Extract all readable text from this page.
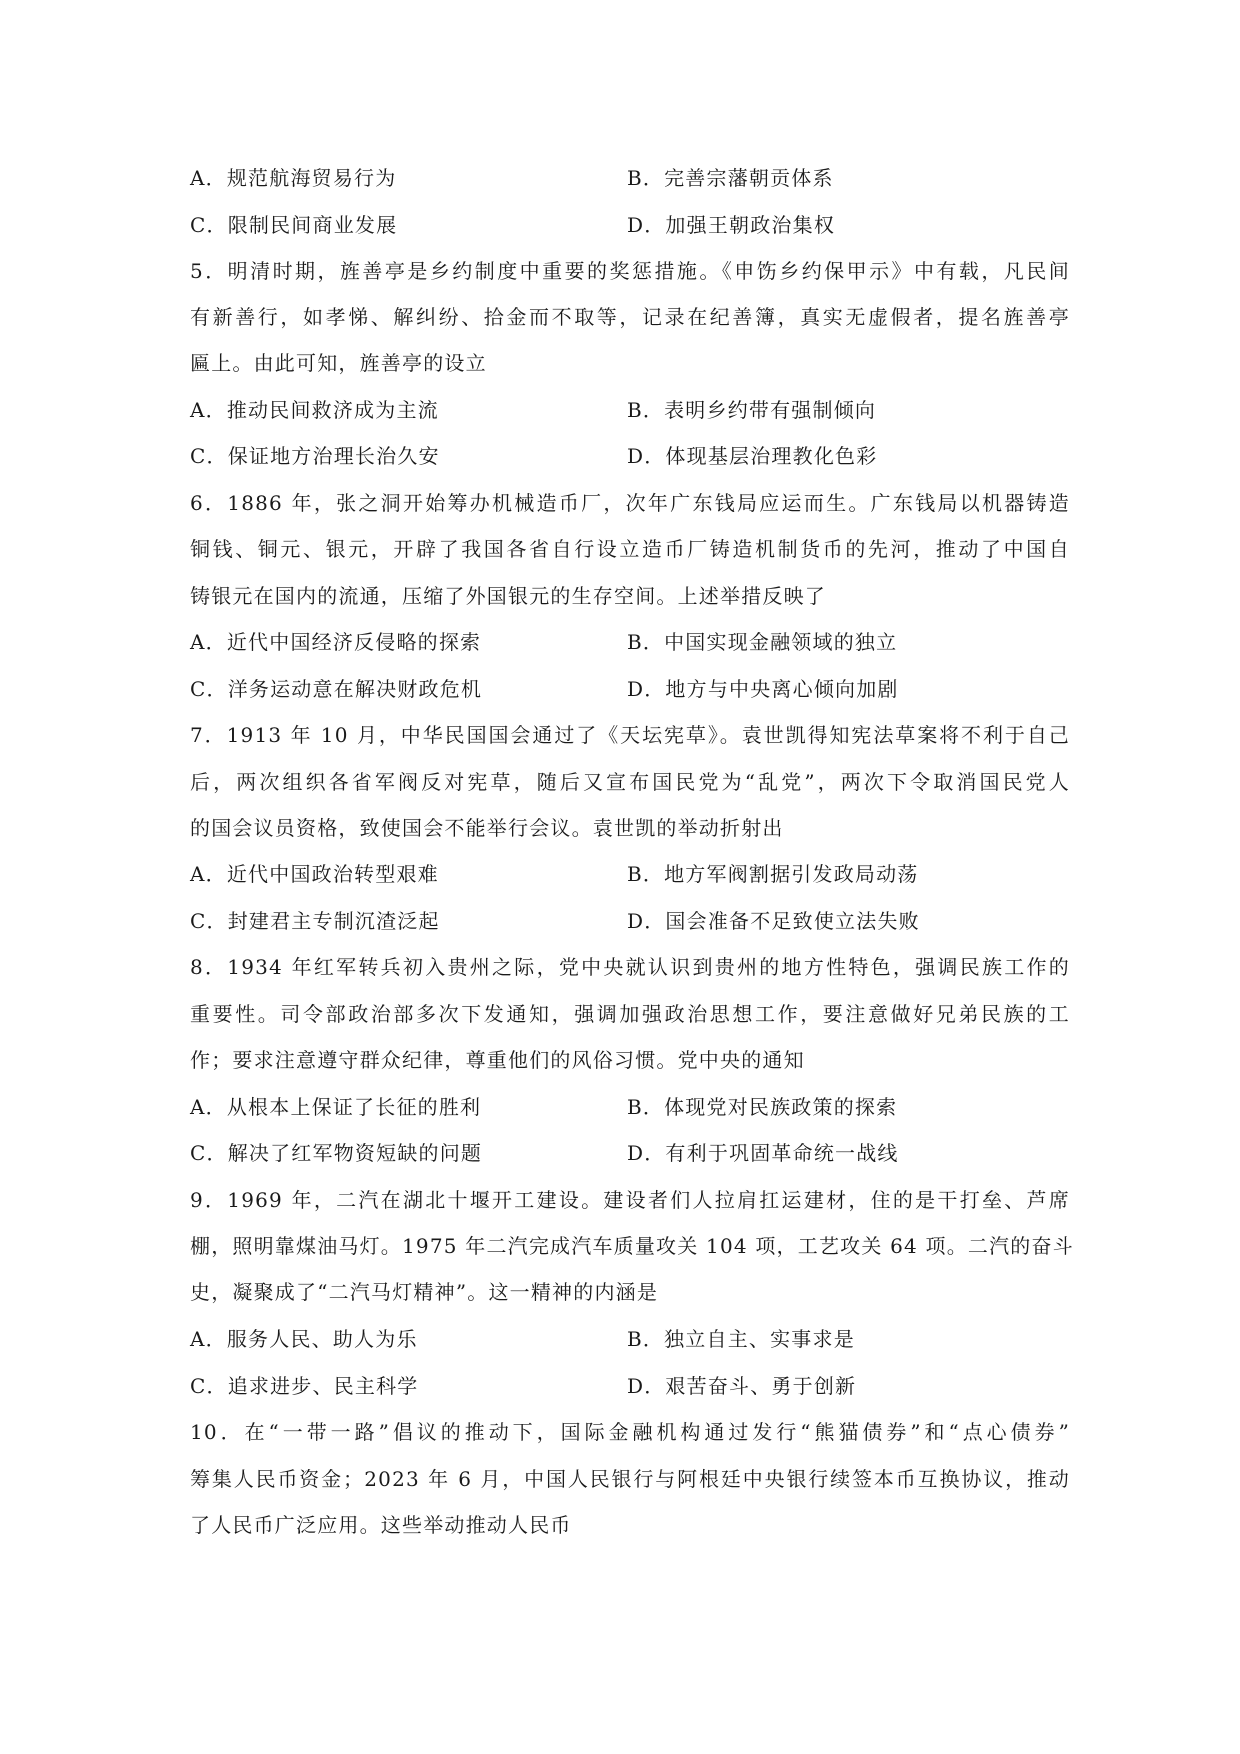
A．规范航海贸易行为	B．完善宗藩朝贡体系
C．限制民间商业发展	D．加强王朝政治集权
5．明清时期，旌善亭是乡约制度中重要的奖惩措施。《申饬乡约保甲示》中有载，凡民间
有新善行，如孝悌、解纠纷、拾金而不取等，记录在纪善簿，真实无虚假者，提名旌善亭
匾上。由此可知，旌善亭的设立
A．推动民间救济成为主流	B．表明乡约带有强制倾向
C．保证地方治理长治久安	D．体现基层治理教化色彩
6．1886 年，张之洞开始筹办机械造币厂，次年广东钱局应运而生。广东钱局以机器铸造
铜钱、铜元、银元，开辟了我国各省自行设立造币厂铸造机制货币的先河，推动了中国自
铸银元在国内的流通，压缩了外国银元的生存空间。上述举措反映了
A．近代中国经济反侵略的探索	B．中国实现金融领域的独立
C．洋务运动意在解决财政危机	D．地方与中央离心倾向加剧
7．1913 年 10 月，中华民国国会通过了《天坛宪草》。袁世凯得知宪法草案将不利于自己
后，两次组织各省军阀反对宪草，随后又宣布国民党为“乱党”，两次下令取消国民党人
的国会议员资格，致使国会不能举行会议。袁世凯的举动折射出
A．近代中国政治转型艰难	B．地方军阀割据引发政局动荡
C．封建君主专制沉渣泛起	D．国会准备不足致使立法失败
8．1934 年红军转兵初入贵州之际，党中央就认识到贵州的地方性特色，强调民族工作的
重要性。司令部政治部多次下发通知，强调加强政治思想工作，要注意做好兄弟民族的工
作；要求注意遵守群众纪律，尊重他们的风俗习惯。党中央的通知
A．从根本上保证了长征的胜利	B．体现党对民族政策的探索
C．解决了红军物资短缺的问题	D．有利于巩固革命统一战线
9．1969 年，二汽在湖北十堰开工建设。建设者们人拉肩扛运建材，住的是干打垒、芦席
棚，照明靠煤油马灯。1975 年二汽完成汽车质量攻关 104 项，工艺攻关 64 项。二汽的奋斗
史，凝聚成了“二汽马灯精神”。这一精神的内涵是
A．服务人民、助人为乐	B．独立自主、实事求是
C．追求进步、民主科学	D．艰苦奋斗、勇于创新
10．在“一带一路”倡议的推动下，国际金融机构通过发行“熊猫债券”和“点心债券”
筹集人民币资金；2023 年 6 月，中国人民银行与阿根廷中央银行续签本币互换协议，推动
了人民币广泛应用。这些举动推动人民币
